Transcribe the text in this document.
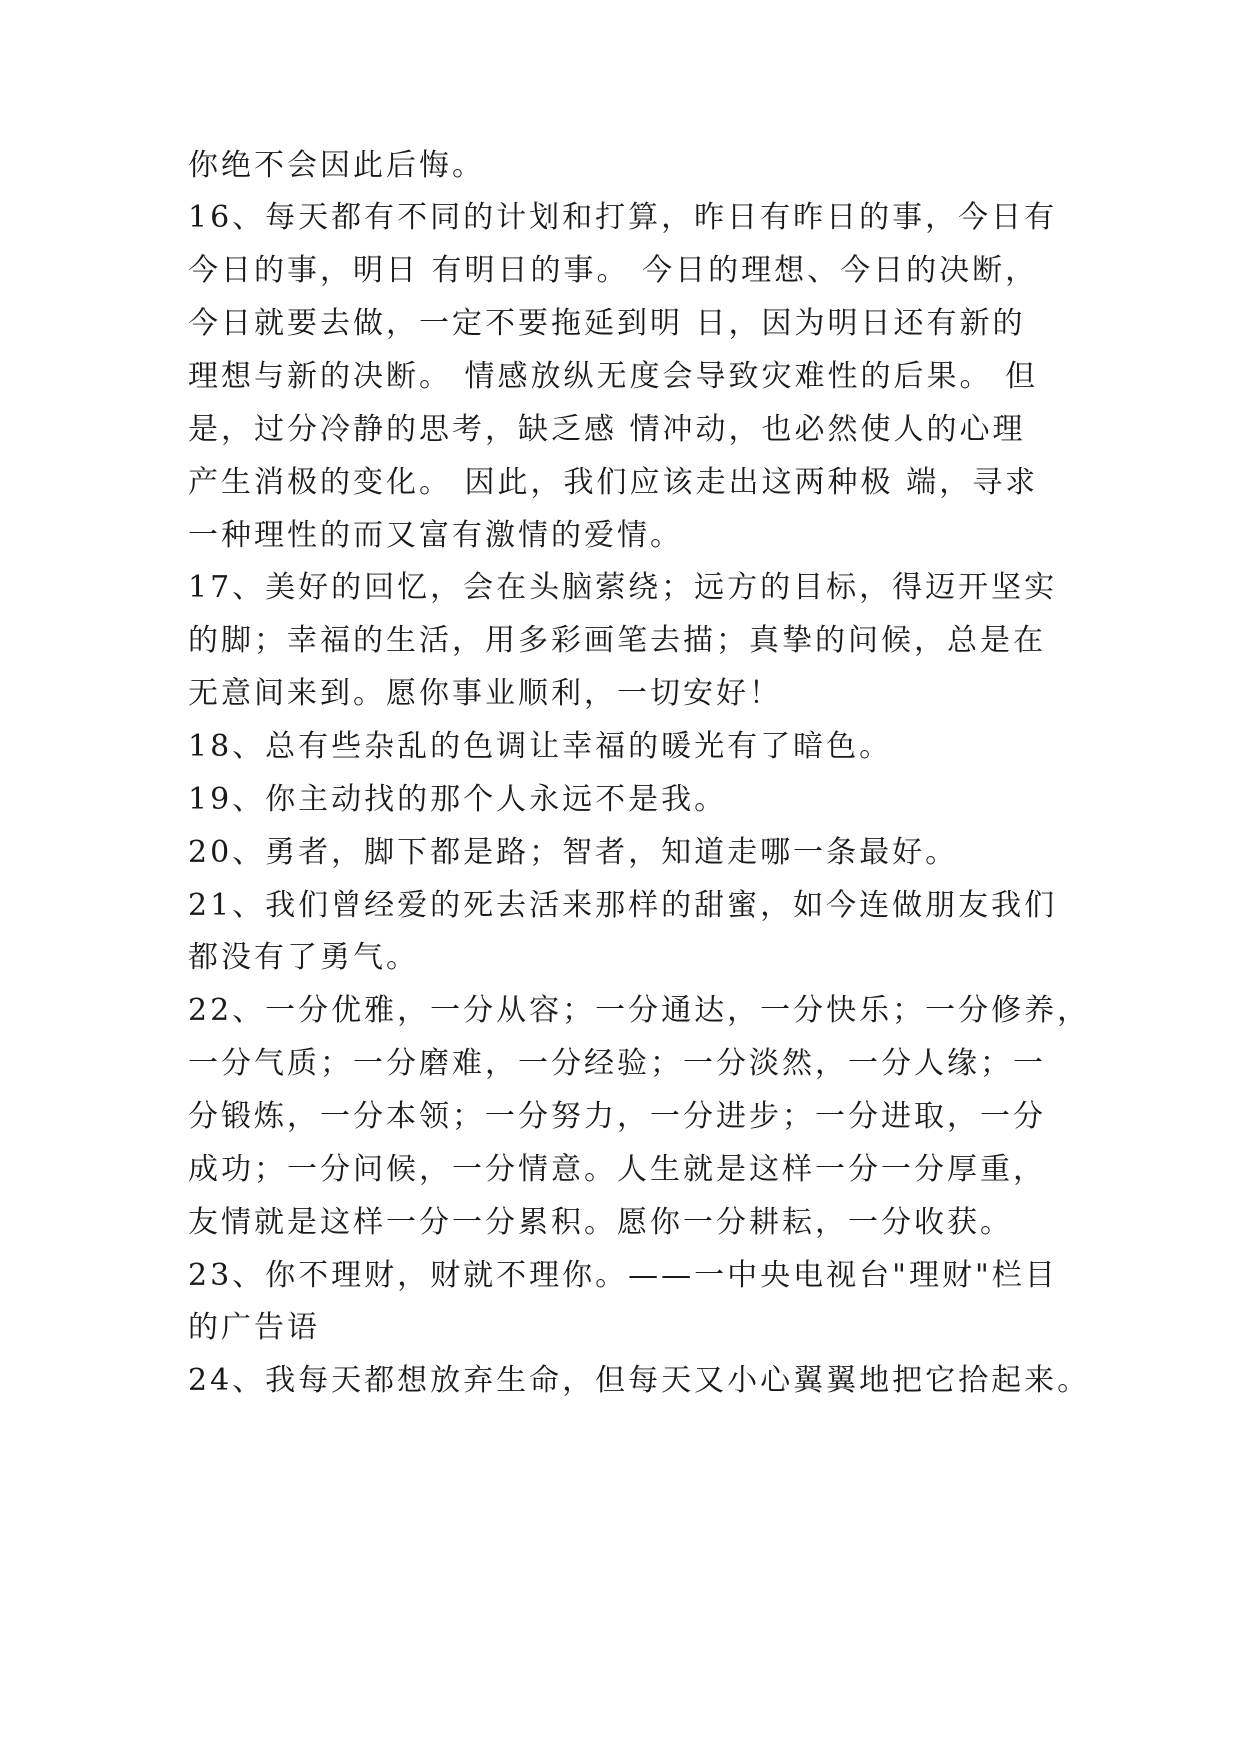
你绝不会因此后悔。
16、每天都有不同的计划和打算，昨日有昨日的事，今日有
今日的事，明日 有明日的事。 今日的理想、今日的决断，
今日就要去做，一定不要拖延到明 日，因为明日还有新的
理想与新的决断。 情感放纵无度会导致灾难性的后果。 但
是，过分冷静的思考，缺乏感 情冲动，也必然使人的心理
产生消极的变化。 因此，我们应该走出这两种极 端，寻求
一种理性的而又富有激情的爱情。
17、美好的回忆，会在头脑萦绕；远方的目标，得迈开坚实
的脚；幸福的生活，用多彩画笔去描；真挚的问候，总是在
无意间来到。愿你事业顺利，一切安好！
18、总有些杂乱的色调让幸福的暖光有了暗色。
19、你主动找的那个人永远不是我。
20、勇者，脚下都是路；智者，知道走哪一条最好。
21、我们曾经爱的死去活来那样的甜蜜，如今连做朋友我们
都没有了勇气。
22、一分优雅，一分从容；一分通达，一分快乐；一分修养，
一分气质；一分磨难，一分经验；一分淡然，一分人缘；一
分锻炼，一分本领；一分努力，一分进步；一分进取，一分
成功；一分问候，一分情意。人生就是这样一分一分厚重，
友情就是这样一分一分累积。愿你一分耕耘，一分收获。
23、你不理财，财就不理你。——一中央电视台"理财"栏目
的广告语
24、我每天都想放弃生命，但每天又小心翼翼地把它拾起来。
